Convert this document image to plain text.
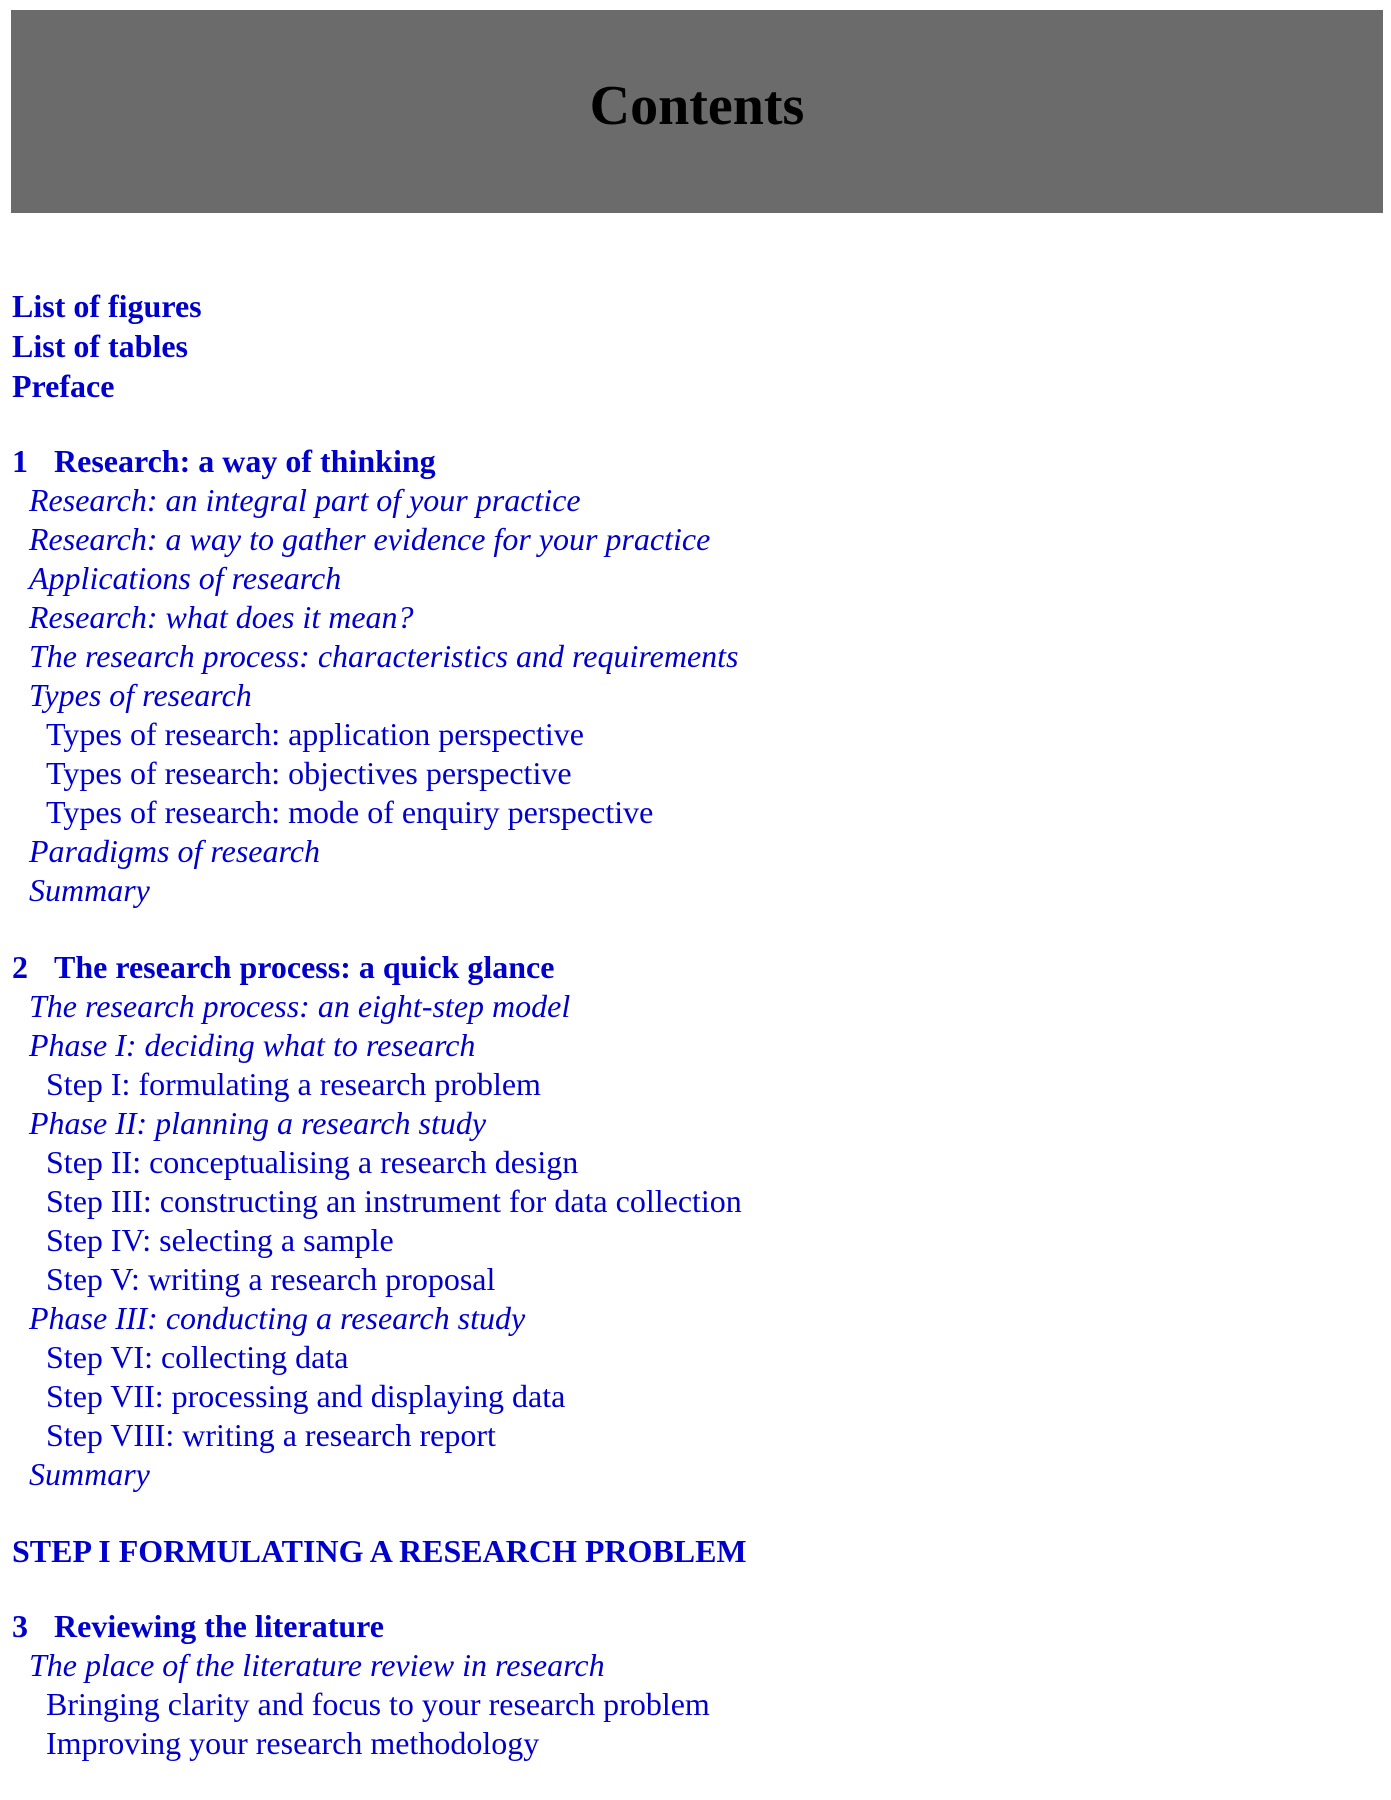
Contents
List of figures
List of tables
Preface
1 Research: a way of thinking
Research: an integral part of your practice
Research: a way to gather evidence for your practice
Applications of research
Research: what does it mean?
The research process: characteristics and requirements
Types of research
Types of research: application perspective
Types of research: objectives perspective
Types of research: mode of enquiry perspective
Paradigms of research
Summary
2 The research process: a quick glance
The research process: an eight-step model
Phase I: deciding what to research
Step I: formulating a research problem
Phase II: planning a research study
Step II: conceptualising a research design
Step III: constructing an instrument for data collection
Step IV: selecting a sample
Step V: writing a research proposal
Phase III: conducting a research study
Step VI: collecting data
Step VII: processing and displaying data
Step VIII: writing a research report
Summary
STEP I FORMULATING A RESEARCH PROBLEM
3 Reviewing the literature
The place of the literature review in research
Bringing clarity and focus to your research problem
Improving your research methodology
